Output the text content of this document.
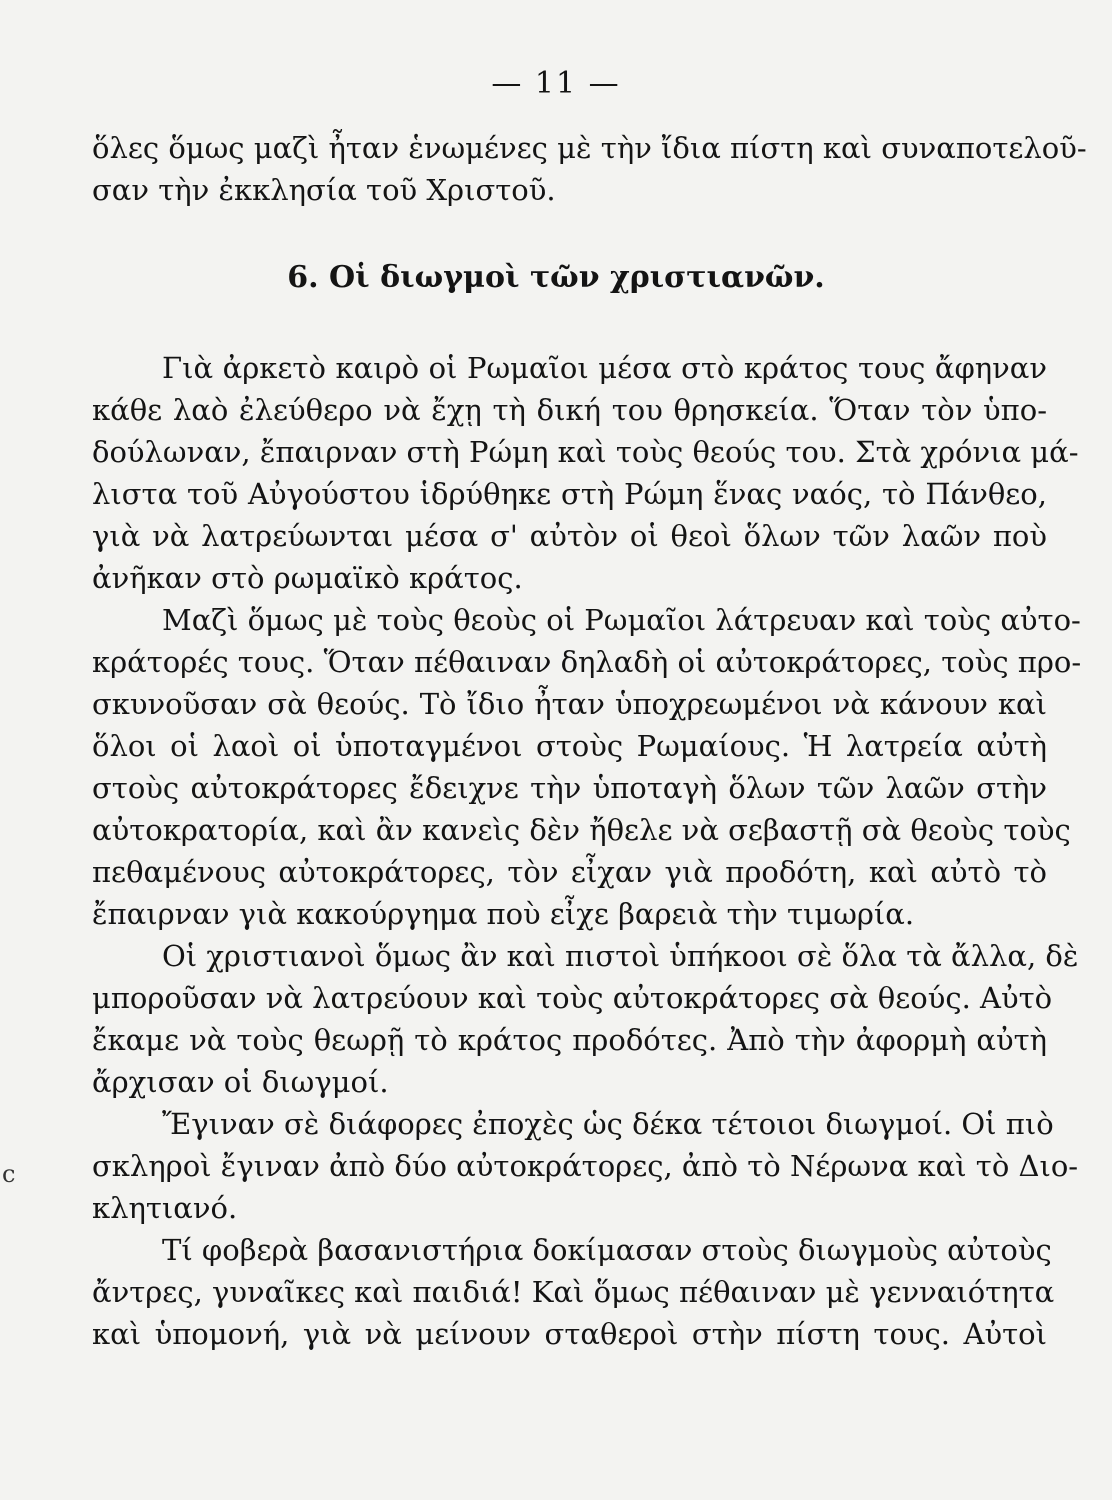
— 11 —
ὅλες ὅμως μαζὶ ἦταν ἑνωμένες μὲ τὴν ἴδια πίστη καὶ συναποτελοῦ-
σαν τὴν ἐκκλησία τοῦ Χριστοῦ.
6. Οἱ διωγμοὶ τῶν χριστιανῶν.
Γιὰ ἀρκετὸ καιρὸ οἱ Ρωμαῖοι μέσα στὸ κράτος τους ἄφηναν
κάθε λαὸ ἐλεύθερο νὰ ἔχῃ τὴ δική του θρησκεία. Ὅταν τὸν ὑπο-
δούλωναν, ἔπαιρναν στὴ Ρώμη καὶ τοὺς θεούς του. Στὰ χρόνια μά-
λιστα τοῦ Αὐγούστου ἱδρύθηκε στὴ Ρώμη ἕνας ναός, τὸ Πάνθεο,
γιὰ νὰ λατρεύωνται μέσα σ' αὐτὸν οἱ θεοὶ ὅλων τῶν λαῶν ποὺ
ἀνῆκαν στὸ ρωμαϊκὸ κράτος.
Μαζὶ ὅμως μὲ τοὺς θεοὺς οἱ Ρωμαῖοι λάτρευαν καὶ τοὺς αὐτο-
κράτορές τους. Ὅταν πέθαιναν δηλαδὴ οἱ αὐτοκράτορες, τοὺς προ-
σκυνοῦσαν σὰ θεούς. Τὸ ἴδιο ἦταν ὑποχρεωμένοι νὰ κάνουν καὶ
ὅλοι οἱ λαοὶ οἱ ὑποταγμένοι στοὺς Ρωμαίους. Ἡ λατρεία αὐτὴ
στοὺς αὐτοκράτορες ἔδειχνε τὴν ὑποταγὴ ὅλων τῶν λαῶν στὴν
αὐτοκρατορία, καὶ ἂν κανεὶς δὲν ἤθελε νὰ σεβαστῇ σὰ θεοὺς τοὺς
πεθαμένους αὐτοκράτορες, τὸν εἶχαν γιὰ προδότη, καὶ αὐτὸ τὸ
ἔπαιρναν γιὰ κακούργημα ποὺ εἶχε βαρειὰ τὴν τιμωρία.
Οἱ χριστιανοὶ ὅμως ἂν καὶ πιστοὶ ὑπήκοοι σὲ ὅλα τὰ ἄλλα, δὲ
μποροῦσαν νὰ λατρεύουν καὶ τοὺς αὐτοκράτορες σὰ θεούς. Αὐτὸ
ἔκαμε νὰ τοὺς θεωρῇ τὸ κράτος προδότες. Ἀπὸ τὴν ἀφορμὴ αὐτὴ
ἄρχισαν οἱ διωγμοί.
Ἔγιναν σὲ διάφορες ἐποχὲς ὡς δέκα τέτοιοι διωγμοί. Οἱ πιὸ
σκληροὶ ἔγιναν ἀπὸ δύο αὐτοκράτορες, ἀπὸ τὸ Νέρωνα καὶ τὸ Διο-
κλητιανό.
Τί φοβερὰ βασανιστήρια δοκίμασαν στοὺς διωγμοὺς αὐτοὺς
ἄντρες, γυναῖκες καὶ παιδιά! Καὶ ὅμως πέθαιναν μὲ γενναιότητα
καὶ ὑπομονή, γιὰ νὰ μείνουν σταθεροὶ στὴν πίστη τους. Αὐτοὶ
c
